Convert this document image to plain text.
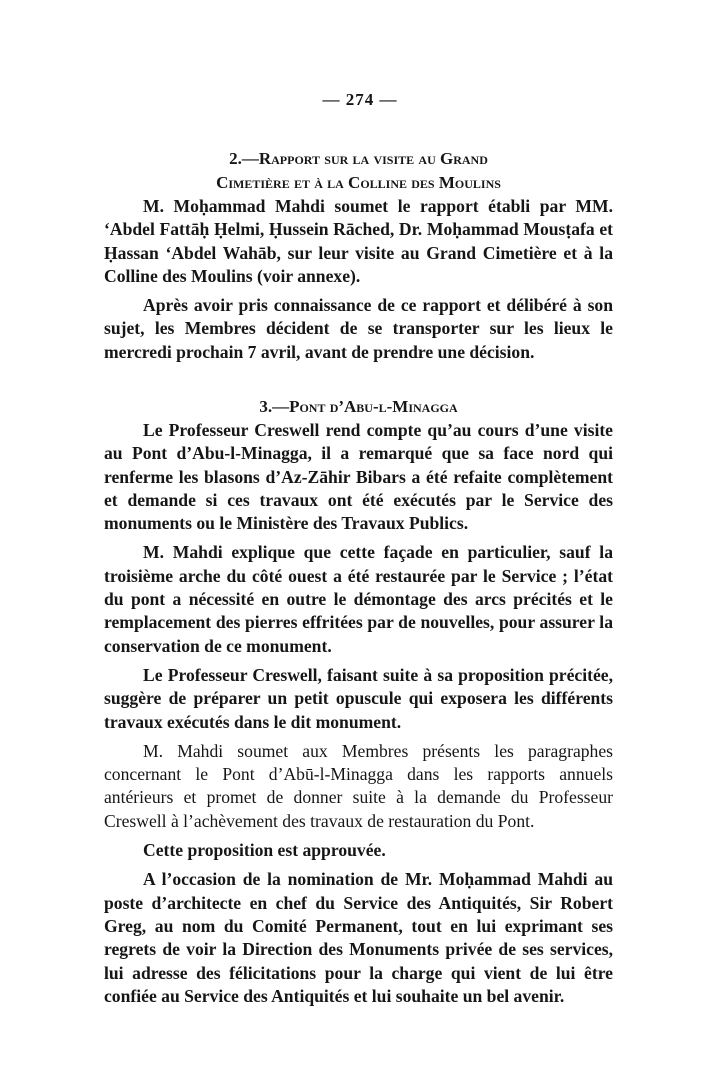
— 274 —
2.—Rapport sur la visite au Grand
Cimetière et à la Colline des Moulins

M. Moḥammad Mahdi soumet le rapport établi par MM. ‘Abdel Fattāḥ Ḥelmi, Ḥussein Rāched, Dr. Moḥammad Mousṭafa et Ḥassan ‘Abdel Wahāb, sur leur visite au Grand Cimetière et à la Colline des Moulins (voir annexe).

Après avoir pris connaissance de ce rapport et délibéré à son sujet, les Membres décident de se transporter sur les lieux le mercredi prochain 7 avril, avant de prendre une décision.

3.—Pont d’Abu-l-Minagga

Le Professeur Creswell rend compte qu’au cours d’une visite au Pont d’Abu-l-Minagga, il a remarqué que sa face nord qui renferme les blasons d’Az-Zāhir Bibars a été refaite complètement et demande si ces travaux ont été exécutés par le Service des monuments ou le Ministère des Travaux Publics.

M. Mahdi explique que cette façade en particulier, sauf la troisième arche du côté ouest a été restaurée par le Service ; l’état du pont a nécessité en outre le démontage des arcs précités et le remplacement des pierres effritées par de nouvelles, pour assurer la conservation de ce monument.

Le Professeur Creswell, faisant suite à sa proposition précitée, suggère de préparer un petit opuscule qui exposera les différents travaux exécutés dans le dit monument.

M. Mahdi soumet aux Membres présents les paragraphes concernant le Pont d’Abū-l-Minagga dans les rapports annuels antérieurs et promet de donner suite à la demande du Professeur Creswell à l’achèvement des travaux de restauration du Pont.

Cette proposition est approuvée.

A l’occasion de la nomination de Mr. Moḥammad Mahdi au poste d’architecte en chef du Service des Antiquités, Sir Robert Greg, au nom du Comité Permanent, tout en lui exprimant ses regrets de voir la Direction des Monuments privée de ses services, lui adresse des félicitations pour la charge qui vient de lui être confiée au Service des Antiquités et lui souhaite un bel avenir.
